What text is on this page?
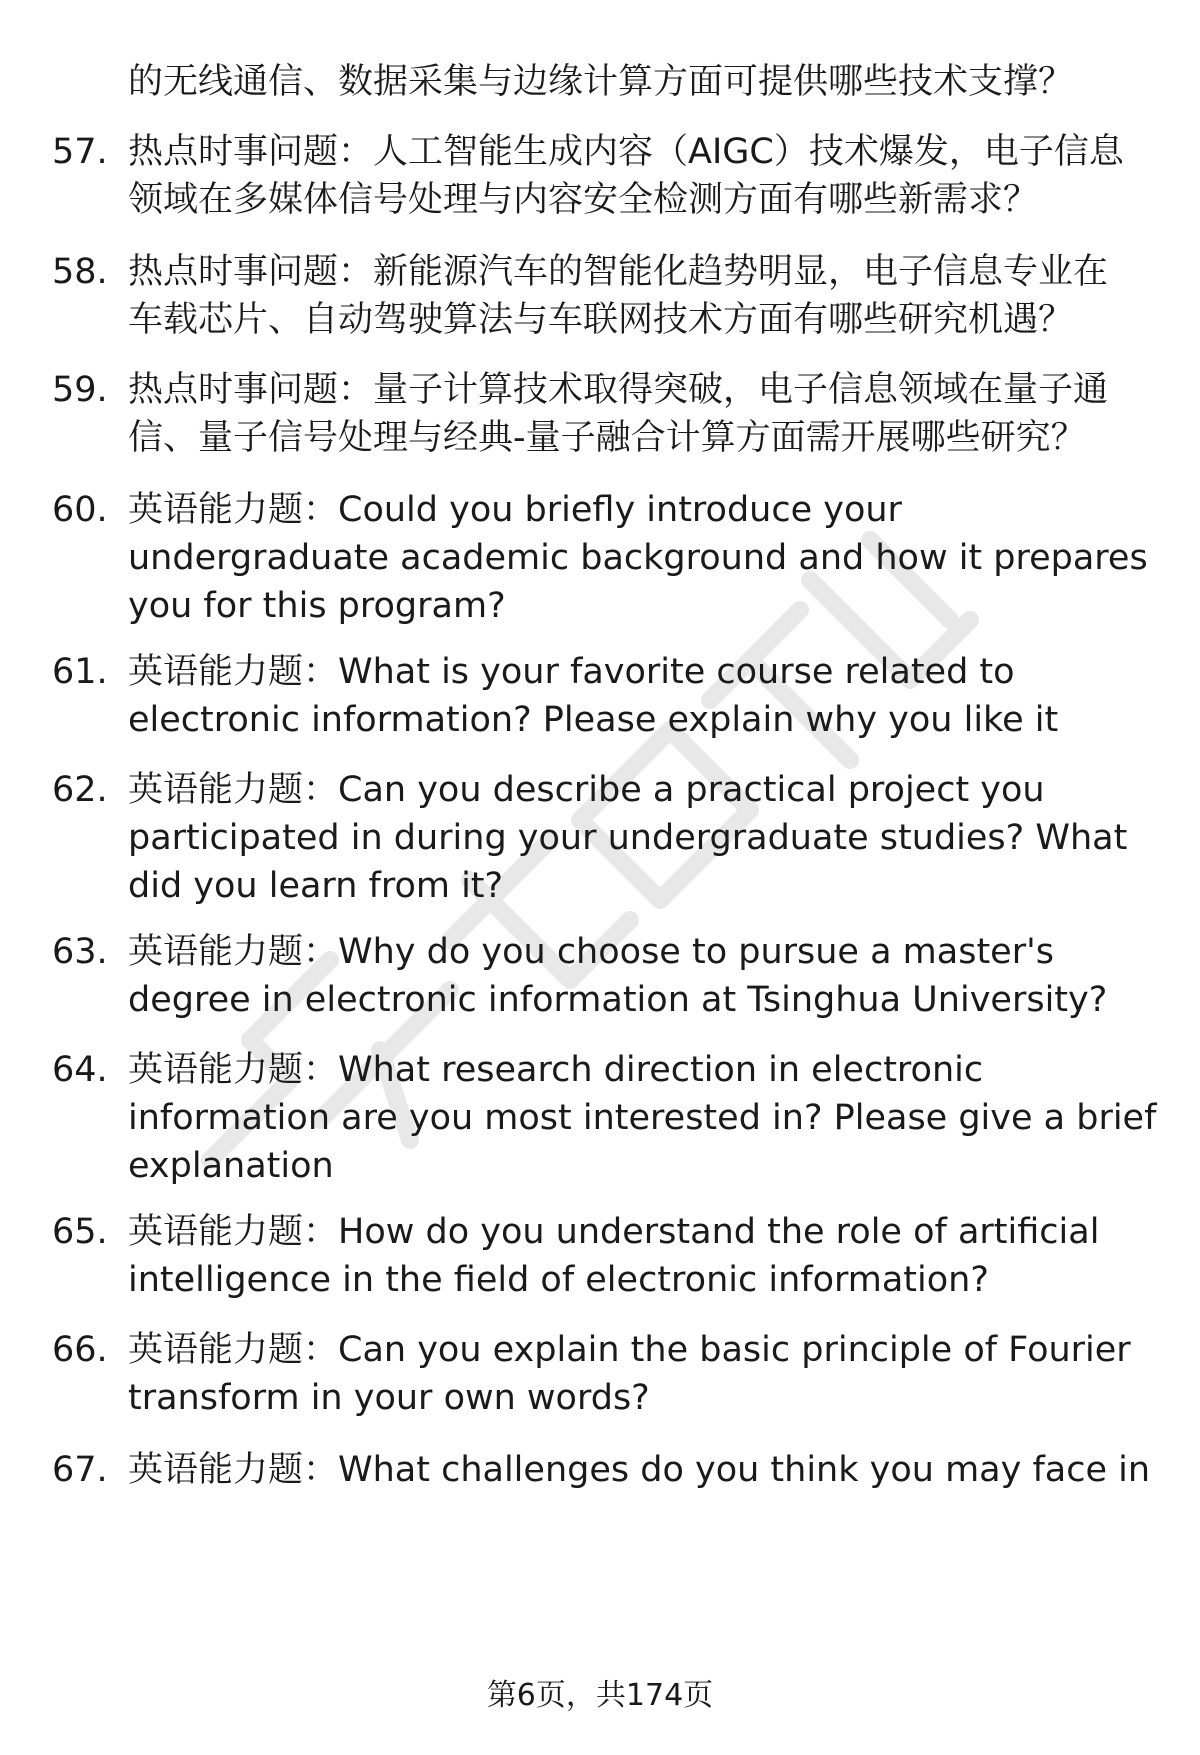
的无线通信、数据采集与边缘计算方面可提供哪些技术支撑？

57. 热点时事问题：人工智能生成内容（AIGC）技术爆发，电子信息
领域在多媒体信号处理与内容安全检测方面有哪些新需求？
58. 热点时事问题：新能源汽车的智能化趋势明显，电子信息专业在
车载芯片、自动驾驶算法与车联网技术方面有哪些研究机遇？
59. 热点时事问题：量子计算技术取得突破，电子信息领域在量子通
信、量子信号处理与经典-量子融合计算方面需开展哪些研究？
60. 英语能力题：Could you briefly introduce your
undergraduate academic background and how it prepares
you for this program?
61. 英语能力题：What is your favorite course related to
electronic information? Please explain why you like it
62. 英语能力题：Can you describe a practical project you
participated in during your undergraduate studies? What
did you learn from it?
63. 英语能力题：Why do you choose to pursue a master's
degree in electronic information at Tsinghua University?
64. 英语能力题：What research direction in electronic
information are you most interested in? Please give a brief
explanation
65. 英语能力题：How do you understand the role of artificial
intelligence in the field of electronic information?
66. 英语能力题：Can you explain the basic principle of Fourier
transform in your own words?
67. 英语能力题：What challenges do you think you may face in
第6页，共174页
